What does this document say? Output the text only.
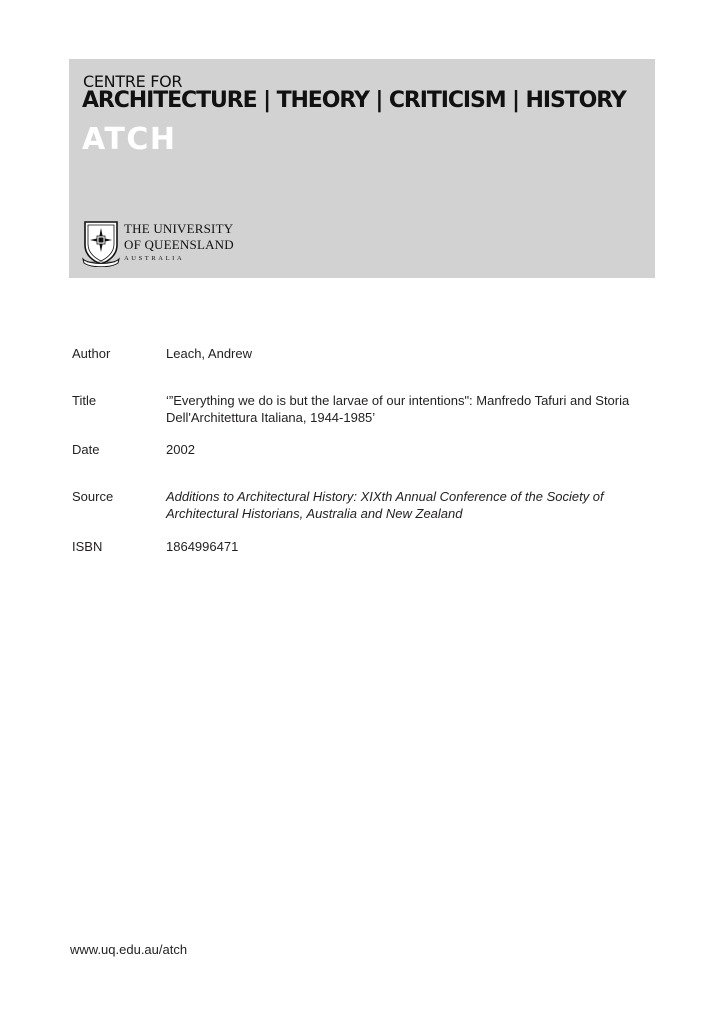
CENTRE FOR
ARCHITECTURE | THEORY | CRITICISM | HISTORY
ATCH
THE UNIVERSITY
OF QUEENSLAND
AUSTRALIA
Author	Leach, Andrew
Title	‘”Everything we do is but the larvae of our intentions": Manfredo Tafuri and Storia Dell'Architettura Italiana, 1944-1985’
Date	2002
Source	Additions to Architectural History: XIXth Annual Conference of the Society of Architectural Historians, Australia and New Zealand
ISBN	1864996471
www.uq.edu.au/atch
